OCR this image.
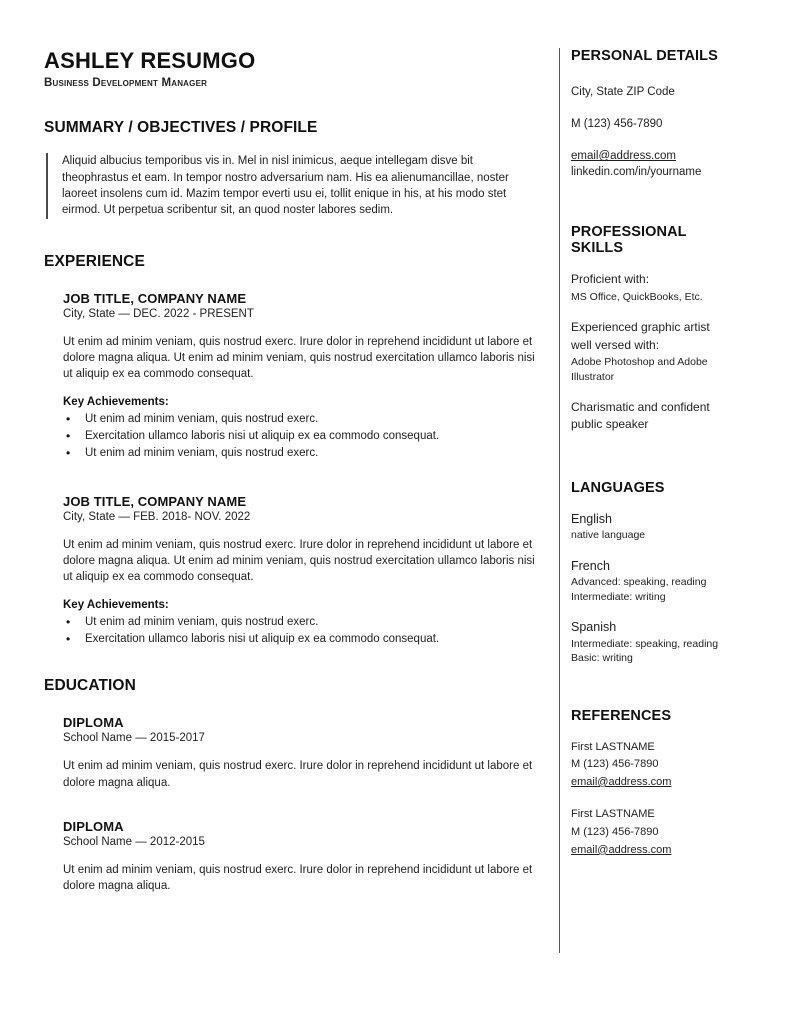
ASHLEY RESUMGO
Business Development Manager
SUMMARY / OBJECTIVES / PROFILE

Aliquid albucius temporibus vis in. Mel in nisl inimicus, aeque intellegam disve bit theophrastus et eam. In tempor nostro adversarium nam. His ea alienumancillae, noster laoreet insolens cum id. Mazim tempor everti usu ei, tollit enique in his, at his modo stet eirmod. Ut perpetua scribentur sit, an quod noster labores sedim.

EXPERIENCE
JOB TITLE, COMPANY NAME
City, State — DEC. 2022 - PRESENT

Ut enim ad minim veniam, quis nostrud exerc. Irure dolor in reprehend incididunt ut labore et dolore magna aliqua. Ut enim ad minim veniam, quis nostrud exercitation ullamco laboris nisi ut aliquip ex ea commodo consequat.

Key Achievements:
• Ut enim ad minim veniam, quis nostrud exerc.
• Exercitation ullamco laboris nisi ut aliquip ex ea commodo consequat.
• Ut enim ad minim veniam, quis nostrud exerc.
JOB TITLE, COMPANY NAME
City, State — FEB. 2018- NOV. 2022

Ut enim ad minim veniam, quis nostrud exerc. Irure dolor in reprehend incididunt ut labore et dolore magna aliqua. Ut enim ad minim veniam, quis nostrud exercitation ullamco laboris nisi ut aliquip ex ea commodo consequat.

Key Achievements:
• Ut enim ad minim veniam, quis nostrud exerc.
• Exercitation ullamco laboris nisi ut aliquip ex ea commodo consequat.
EDUCATION
DIPLOMA
School Name — 2015-2017

Ut enim ad minim veniam, quis nostrud exerc. Irure dolor in reprehend incididunt ut labore et dolore magna aliqua.

DIPLOMA
School Name — 2012-2015

Ut enim ad minim veniam, quis nostrud exerc. Irure dolor in reprehend incididunt ut labore et dolore magna aliqua.

PERSONAL DETAILS
City, State ZIP Code
M (123) 456-7890
email@address.com
linkedin.com/in/yourname
PROFESSIONAL SKILLS
Proficient with:
MS Office, QuickBooks, Etc.
Experienced graphic artist well versed with:
Adobe Photoshop and Adobe Illustrator
Charismatic and confident public speaker
LANGUAGES
English
native language
French
Advanced: speaking, reading
Intermediate: writing
Spanish
Intermediate: speaking, reading
Basic: writing
REFERENCES
First LASTNAME
M (123) 456-7890
email@address.com
First LASTNAME
M (123) 456-7890
email@address.com
